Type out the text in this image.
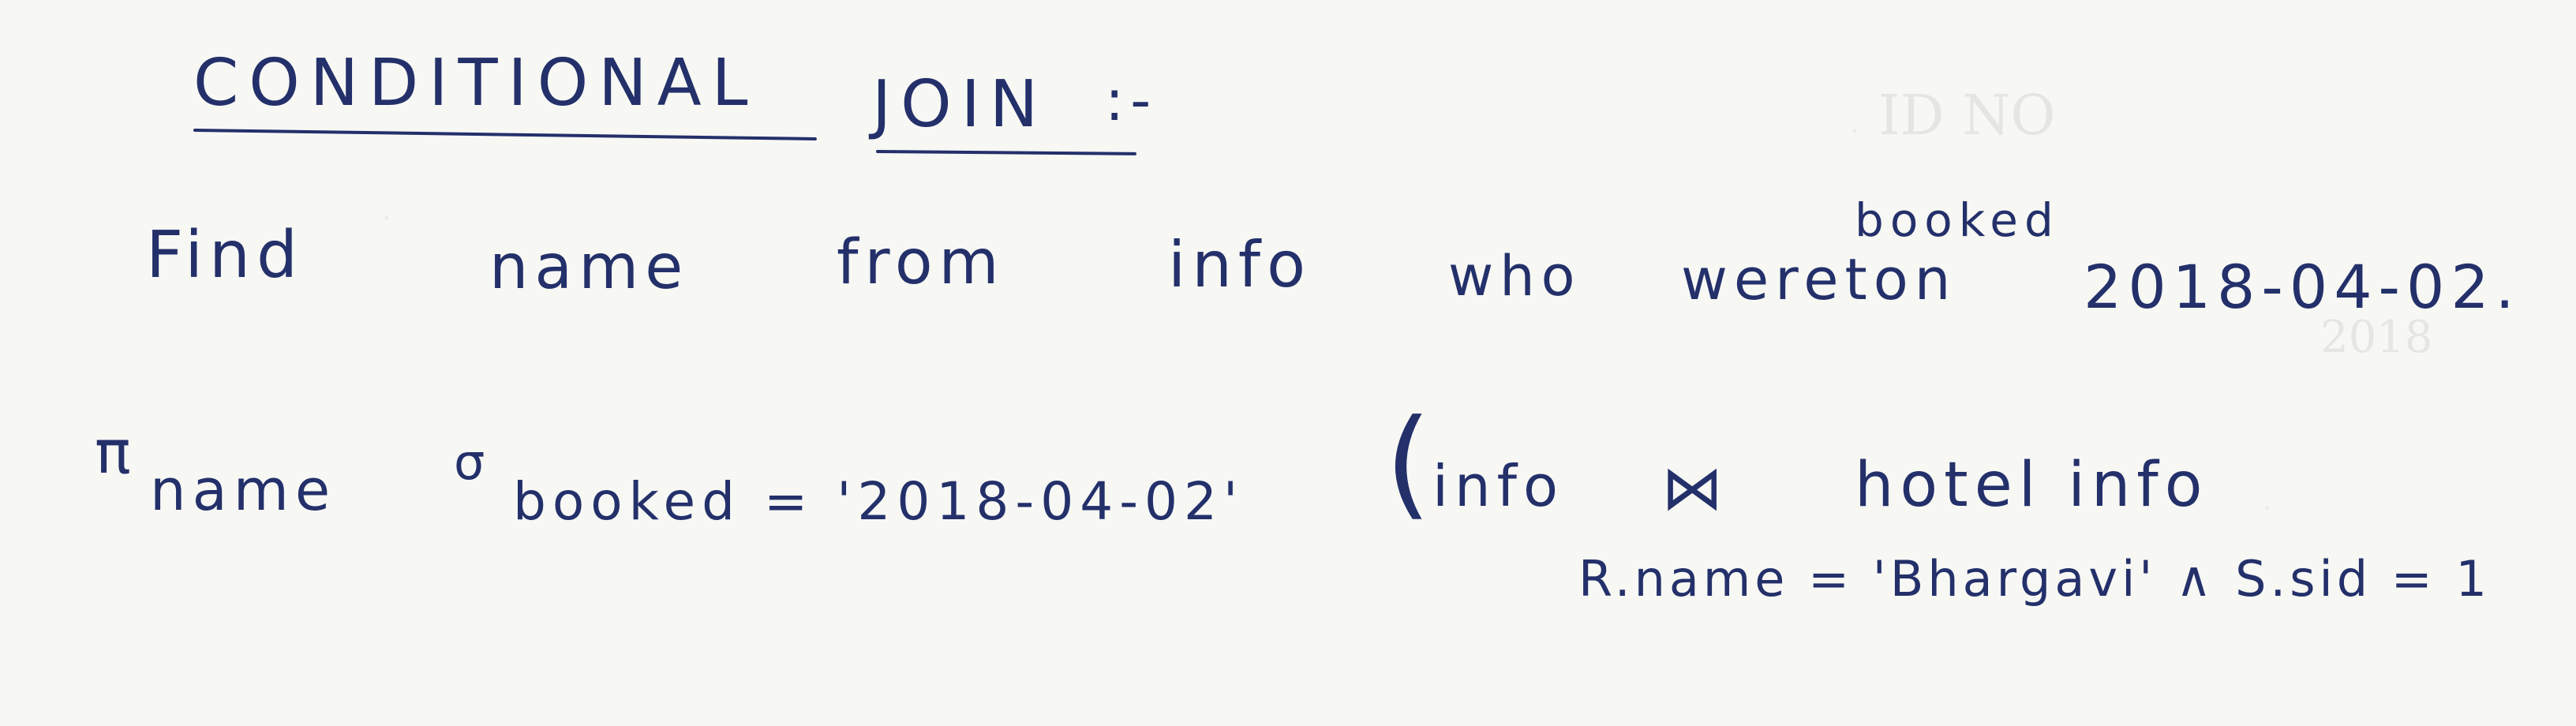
ID NO
2018
CONDITIONAL JOIN :-
Find	name from	info who wereton
booked
2018-04-02.
π
name σ
booked = '2018-04-02' ( info ⋈ hotel info
R.name = 'Bhargavi' ∧ S.sid = 1
